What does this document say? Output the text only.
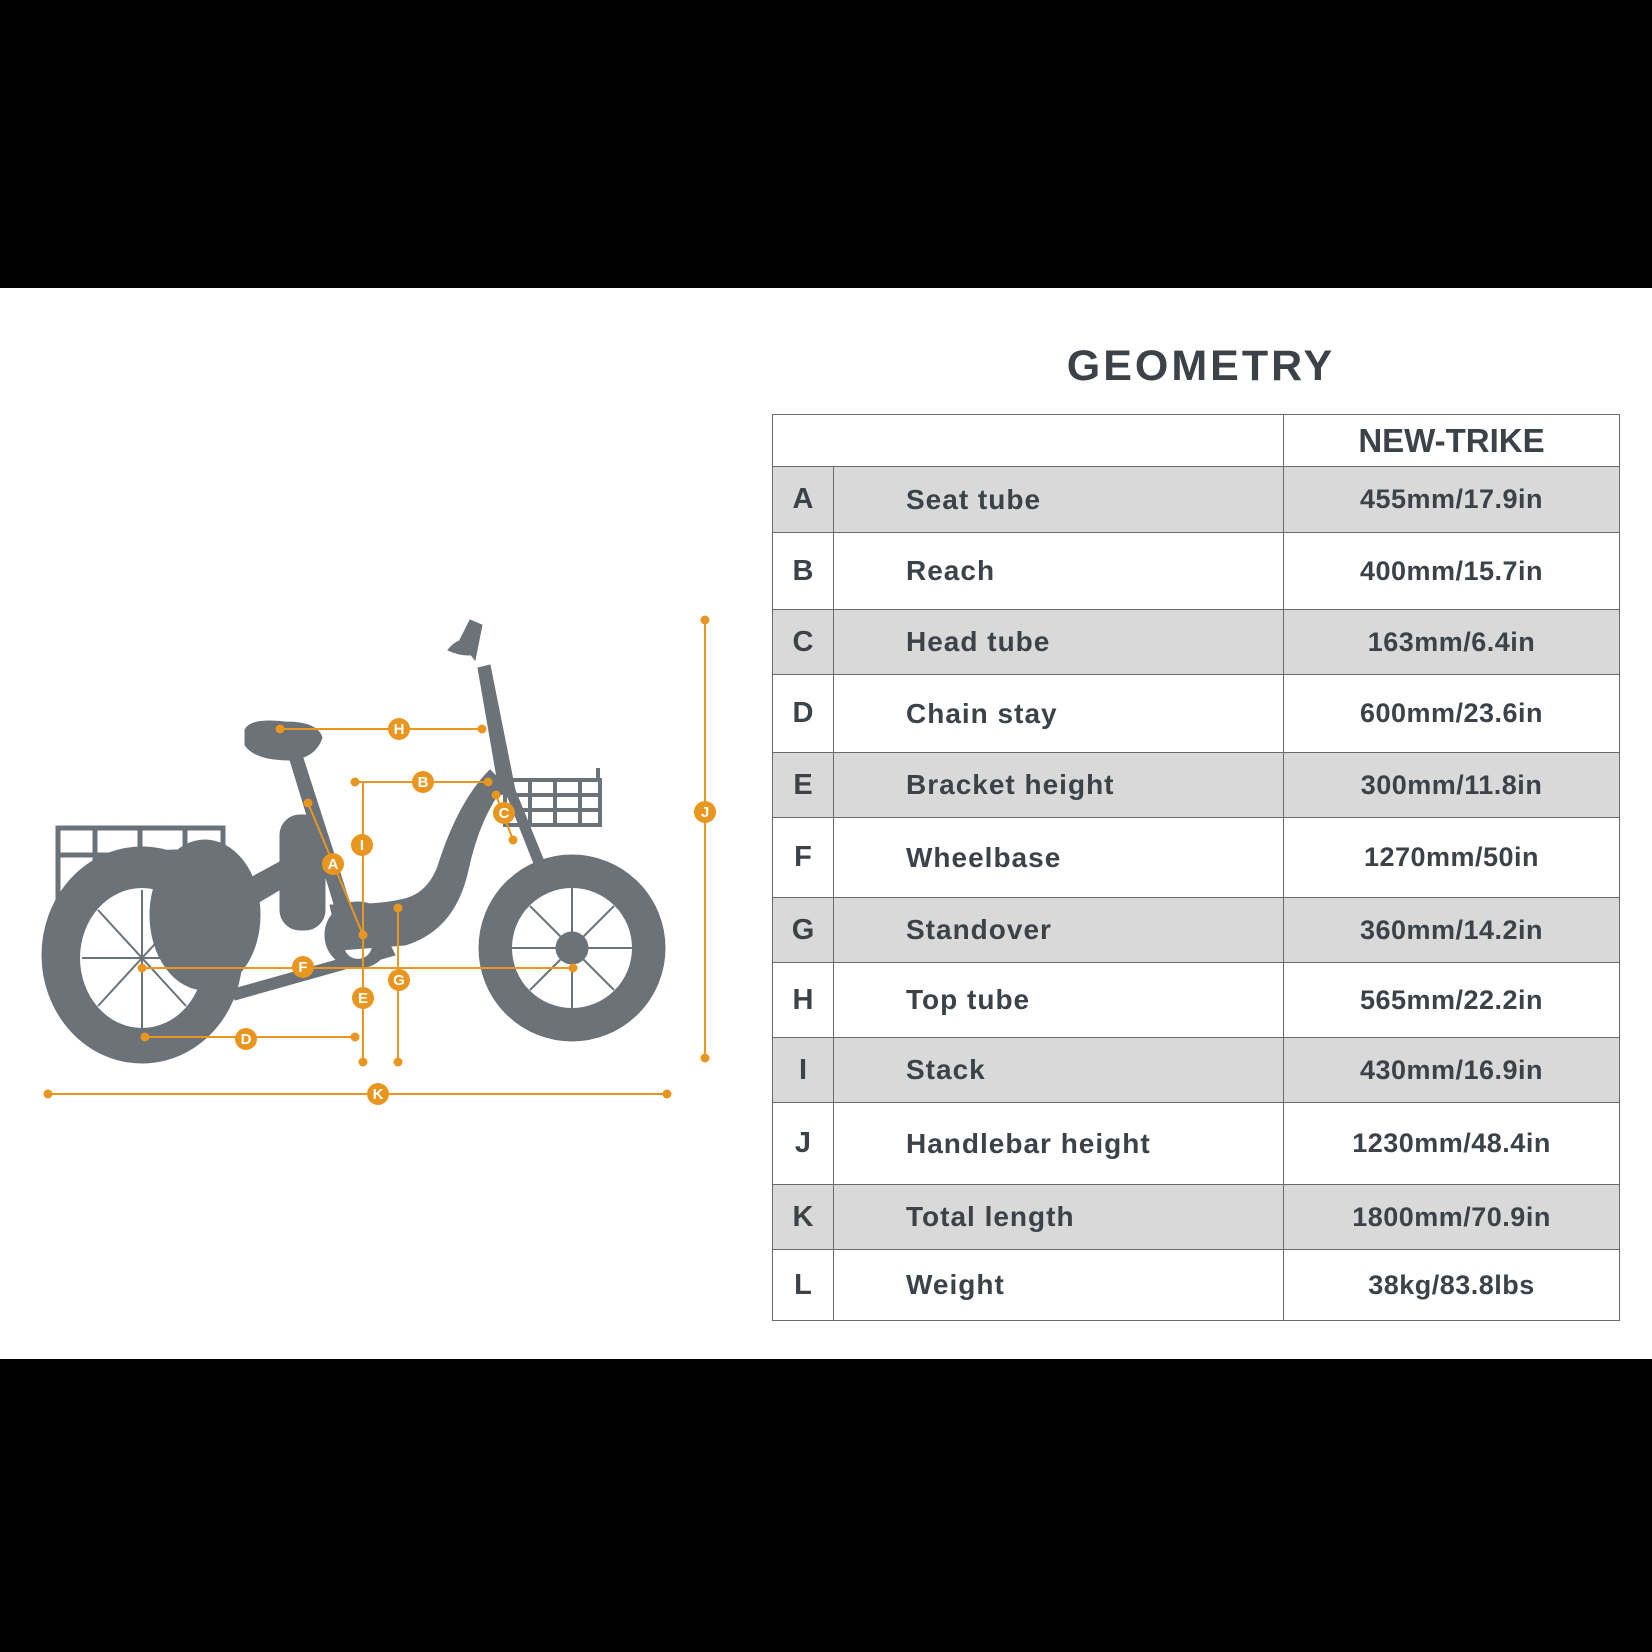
H
B
C
I
A
F
G
E
D
J
K
GEOMETRY
		NEW-TRIKE
A	Seat tube	455mm/17.9in
B	Reach	400mm/15.7in
C	Head tube	163mm/6.4in
D	Chain stay	600mm/23.6in
E	Bracket height	300mm/11.8in
F	Wheelbase	1270mm/50in
G	Standover	360mm/14.2in
H	Top tube	565mm/22.2in
I	Stack	430mm/16.9in
J	Handlebar height	1230mm/48.4in
K	Total length	1800mm/70.9in
L	Weight	38kg/83.8lbs
